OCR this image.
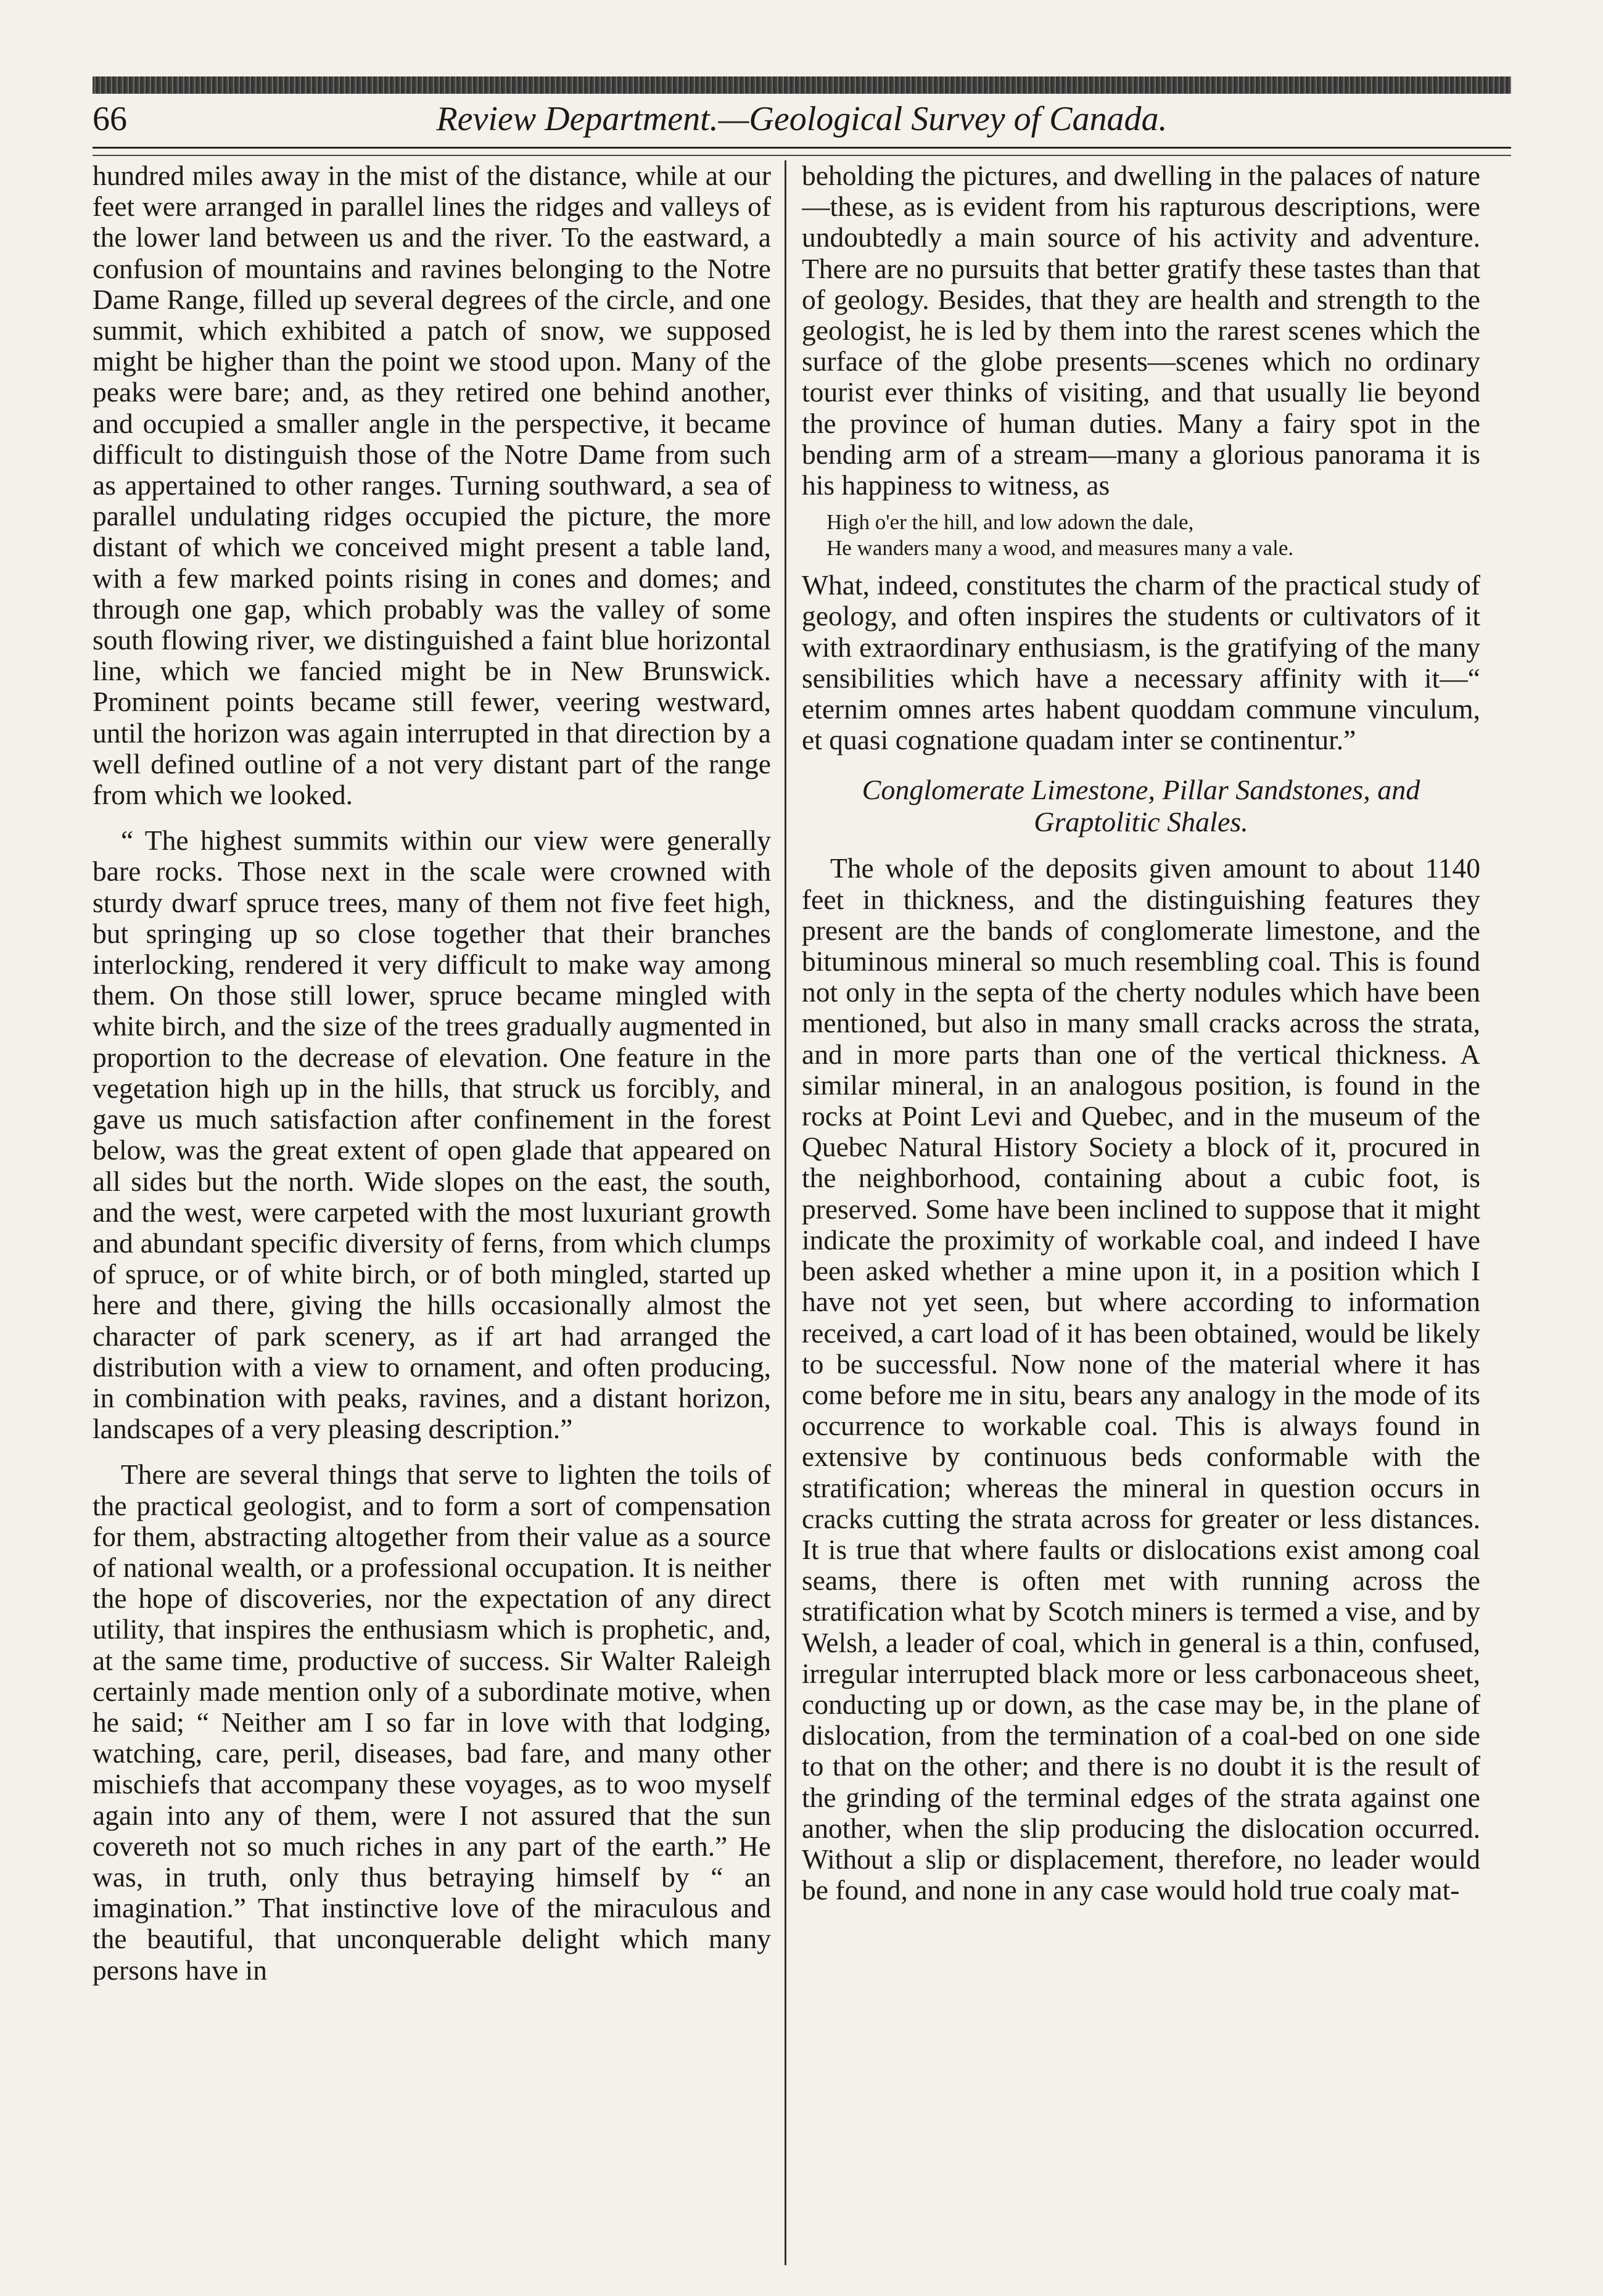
66	Review Department.—Geological Survey of Canada.

hundred miles away in the mist of the distance, while at our feet were arranged in parallel lines the ridges and valleys of the lower land between us and the river. To the eastward, a confusion of mountains and ravines belonging to the Notre Dame Range, filled up several degrees of the circle, and one summit, which exhibited a patch of snow, we supposed might be higher than the point we stood upon. Many of the peaks were bare; and, as they retired one behind another, and occupied a smaller angle in the perspective, it became difficult to distinguish those of the Notre Dame from such as appertained to other ranges. Turning southward, a sea of parallel undulating ridges occupied the picture, the more distant of which we conceived might present a table land, with a few marked points rising in cones and domes; and through one gap, which probably was the valley of some south flowing river, we distinguished a faint blue horizontal line, which we fancied might be in New Brunswick. Prominent points became still fewer, veering westward, until the horizon was again interrupted in that direction by a well defined outline of a not very distant part of the range from which we looked.

“ The highest summits within our view were generally bare rocks. Those next in the scale were crowned with sturdy dwarf spruce trees, many of them not five feet high, but springing up so close together that their branches interlocking, rendered it very difficult to make way among them. On those still lower, spruce became mingled with white birch, and the size of the trees gradually augmented in proportion to the decrease of elevation. One feature in the vegetation high up in the hills, that struck us forcibly, and gave us much satisfaction after confinement in the forest below, was the great extent of open glade that appeared on all sides but the north. Wide slopes on the east, the south, and the west, were carpeted with the most luxuriant growth and abundant specific diversity of ferns, from which clumps of spruce, or of white birch, or of both mingled, started up here and there, giving the hills occasionally almost the character of park scenery, as if art had arranged the distribution with a view to ornament, and often producing, in combination with peaks, ravines, and a distant horizon, landscapes of a very pleasing description.”

There are several things that serve to lighten the toils of the practical geologist, and to form a sort of compensation for them, abstracting altogether from their value as a source of national wealth, or a professional occupation. It is neither the hope of discoveries, nor the expectation of any direct utility, that inspires the enthusiasm which is prophetic, and, at the same time, productive of success. Sir Walter Raleigh certainly made mention only of a subordinate motive, when he said; “ Neither am I so far in love with that lodging, watching, care, peril, diseases, bad fare, and many other mischiefs that accompany these voyages, as to woo myself again into any of them, were I not assured that the sun covereth not so much riches in any part of the earth.” He was, in truth, only thus betraying himself by “ an imagination.” That instinctive love of the miraculous and the beautiful, that unconquerable delight which many persons have in

beholding the pictures, and dwelling in the palaces of nature—these, as is evident from his rapturous descriptions, were undoubtedly a main source of his activity and adventure. There are no pursuits that better gratify these tastes than that of geology. Besides, that they are health and strength to the geologist, he is led by them into the rarest scenes which the surface of the globe presents—scenes which no ordinary tourist ever thinks of visiting, and that usually lie beyond the province of human duties. Many a fairy spot in the bending arm of a stream—many a glorious panorama it is his happiness to witness, as

High o'er the hill, and low adown the dale,
He wanders many a wood, and measures many a vale.

What, indeed, constitutes the charm of the practical study of geology, and often inspires the students or cultivators of it with extraordinary enthusiasm, is the gratifying of the many sensibilities which have a necessary affinity with it—“ eternim omnes artes habent quoddam commune vinculum, et quasi cognatione quadam inter se continentur.”

Conglomerate Limestone, Pillar Sandstones, and Graptolitic Shales.

The whole of the deposits given amount to about 1140 feet in thickness, and the distinguishing features they present are the bands of conglomerate limestone, and the bituminous mineral so much resembling coal. This is found not only in the septa of the cherty nodules which have been mentioned, but also in many small cracks across the strata, and in more parts than one of the vertical thickness. A similar mineral, in an analogous position, is found in the rocks at Point Levi and Quebec, and in the museum of the Quebec Natural History Society a block of it, procured in the neighborhood, containing about a cubic foot, is preserved. Some have been inclined to suppose that it might indicate the proximity of workable coal, and indeed I have been asked whether a mine upon it, in a position which I have not yet seen, but where according to information received, a cart load of it has been obtained, would be likely to be successful. Now none of the material where it has come before me in situ, bears any analogy in the mode of its occurrence to workable coal. This is always found in extensive by continuous beds conformable with the stratification; whereas the mineral in question occurs in cracks cutting the strata across for greater or less distances. It is true that where faults or dislocations exist among coal seams, there is often met with running across the stratification what by Scotch miners is termed a vise, and by Welsh, a leader of coal, which in general is a thin, confused, irregular interrupted black more or less carbonaceous sheet, conducting up or down, as the case may be, in the plane of dislocation, from the termination of a coal-bed on one side to that on the other; and there is no doubt it is the result of the grinding of the terminal edges of the strata against one another, when the slip producing the dislocation occurred. Without a slip or displacement, therefore, no leader would be found, and none in any case would hold true coaly mat-
